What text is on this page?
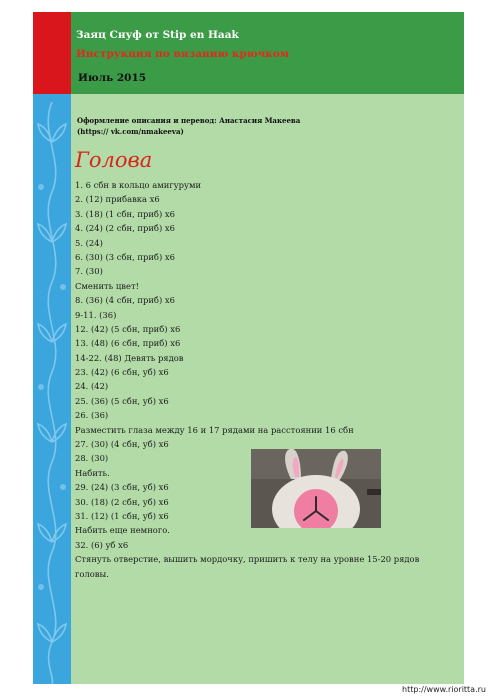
Заяц Снуф от Stip en Haak
Инструкция по вязанию крючком
Июль 2015
Оформление описания и перевод: Анастасия Макеева (https:// vk.com/nmakeeva)
Голова
1. 6 сбн в кольцо амигуруми
2. (12) прибавка х6
3. (18) (1 сбн, приб) х6
4. (24) (2 сбн, приб) х6
5. (24)
6. (30) (3 сбн, приб) х6
7. (30)
Сменить цвет!
8. (36) (4 сбн, приб) х6
9-11. (36)
12. (42) (5 сбн, приб) х6
13. (48) (6 сбн, приб) х6
14-22. (48) Девять рядов
23. (42) (6 сбн, уб) х6
24. (42)
25. (36) (5 сбн, уб) х6
26. (36)
Разместить глаза между 16 и 17 рядами на расстоянии 16 сбн
27. (30) (4 сбн, уб) х6
28. (30)
Набить.
29. (24) (3 сбн, уб) х6
30. (18) (2 сбн, уб) х6
31. (12) (1 сбн, уб) х6
Набить еще немного.
32. (6) уб х6
Стянуть отверстие, вышить мордочку, пришить к телу на уровне 15-20 рядов головы.
http://www.rioritta.ru
